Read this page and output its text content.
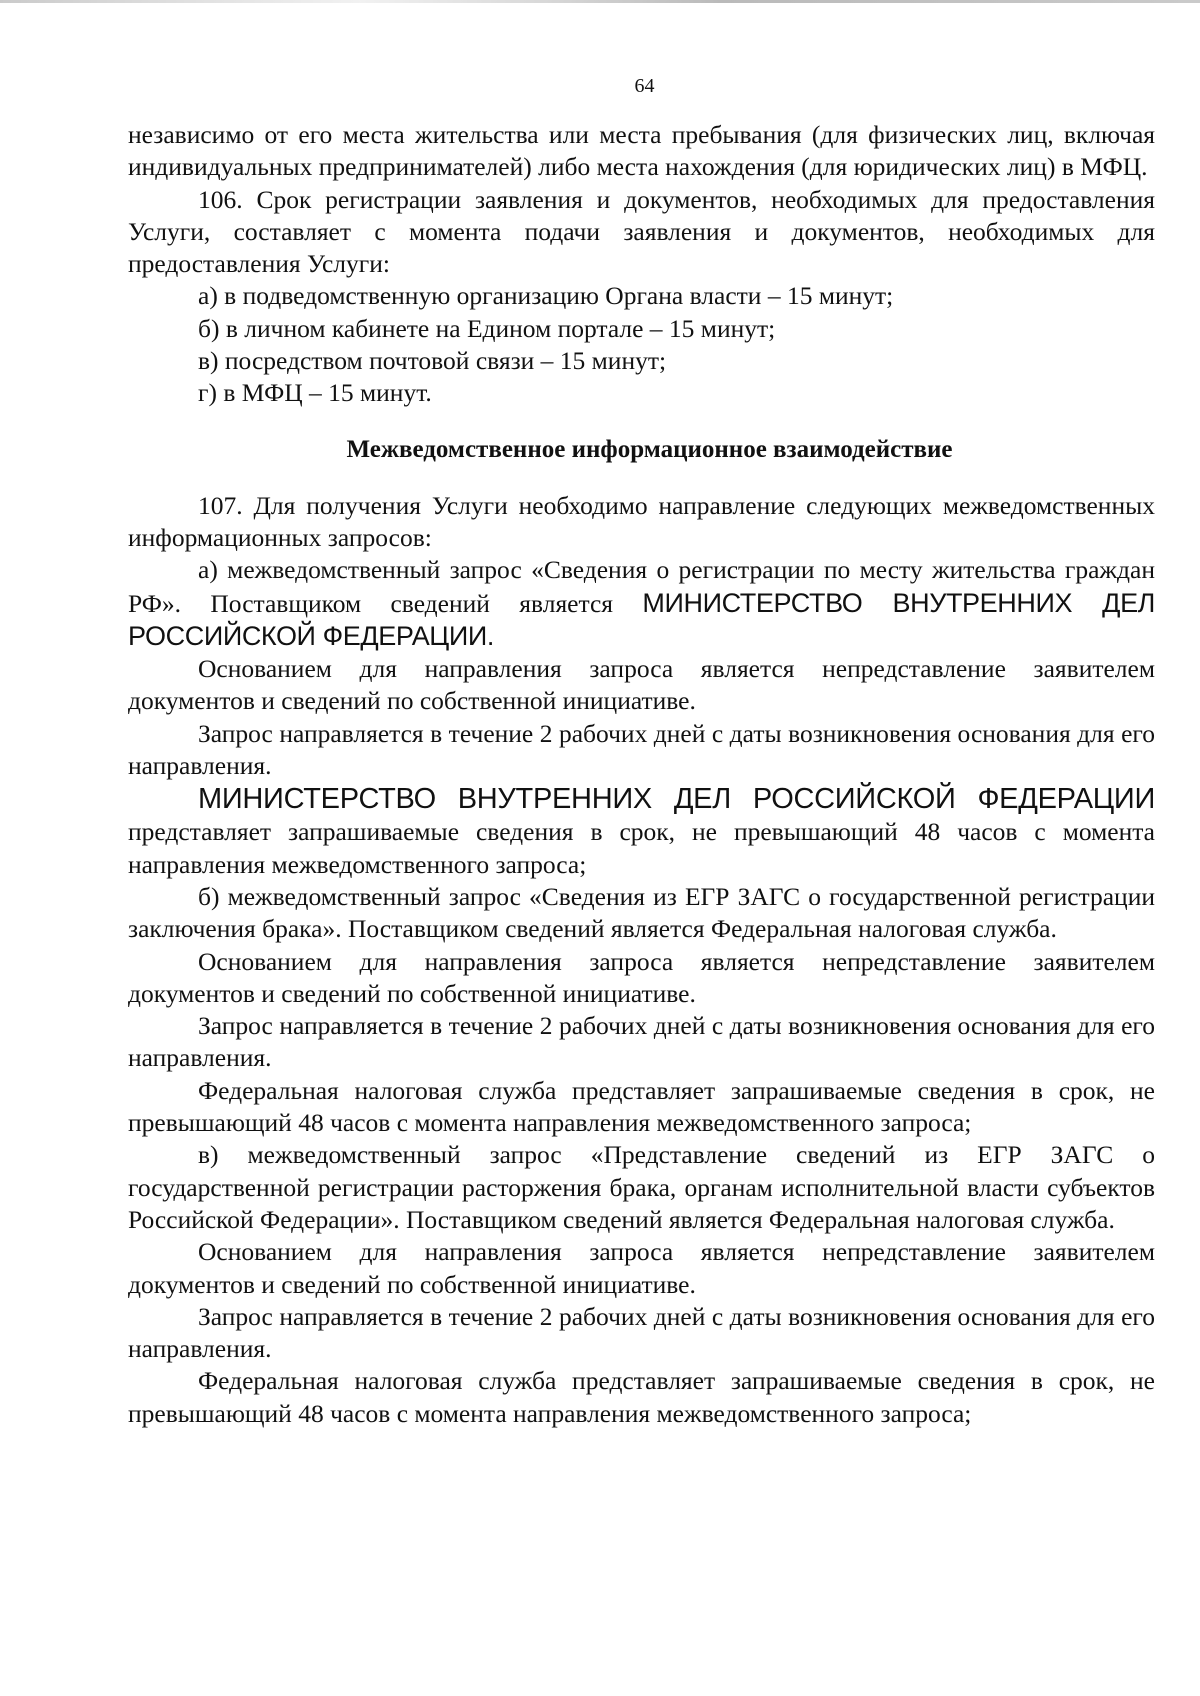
64

независимо от его места жительства или места пребывания (для физических лиц, включая индивидуальных предпринимателей) либо места нахождения (для юридических лиц) в МФЦ.

106. Срок регистрации заявления и документов, необходимых для предоставления Услуги, составляет с момента подачи заявления и документов, необходимых для предоставления Услуги:

а) в подведомственную организацию Органа власти – 15 минут;

б) в личном кабинете на Едином портале – 15 минут;

в) посредством почтовой связи – 15 минут;

г) в МФЦ – 15 минут.

Межведомственное информационное взаимодействие

107. Для получения Услуги необходимо направление следующих межведомственных информационных запросов:

а) межведомственный запрос «Сведения о регистрации по месту жительства граждан РФ». Поставщиком сведений является МИНИСТЕРСТВО ВНУТРЕННИХ ДЕЛ РОССИЙСКОЙ ФЕДЕРАЦИИ.

Основанием для направления запроса является непредставление заявителем документов и сведений по собственной инициативе.

Запрос направляется в течение 2 рабочих дней с даты возникновения основания для его направления.

МИНИСТЕРСТВО ВНУТРЕННИХ ДЕЛ РОССИЙСКОЙ ФЕДЕРАЦИИ

представляет запрашиваемые сведения в срок, не превышающий 48 часов с момента направления межведомственного запроса;

б) межведомственный запрос «Сведения из ЕГР ЗАГС о государственной регистрации заключения брака». Поставщиком сведений является Федеральная налоговая служба.

Основанием для направления запроса является непредставление заявителем документов и сведений по собственной инициативе.

Запрос направляется в течение 2 рабочих дней с даты возникновения основания для его направления.

Федеральная налоговая служба представляет запрашиваемые сведения в срок, не превышающий 48 часов с момента направления межведомственного запроса;

в) межведомственный запрос «Представление сведений из ЕГР ЗАГС о государственной регистрации расторжения брака, органам исполнительной власти субъектов Российской Федерации». Поставщиком сведений является Федеральная налоговая служба.

Основанием для направления запроса является непредставление заявителем документов и сведений по собственной инициативе.

Запрос направляется в течение 2 рабочих дней с даты возникновения основания для его направления.

Федеральная налоговая служба представляет запрашиваемые сведения в срок, не превышающий 48 часов с момента направления межведомственного запроса;
